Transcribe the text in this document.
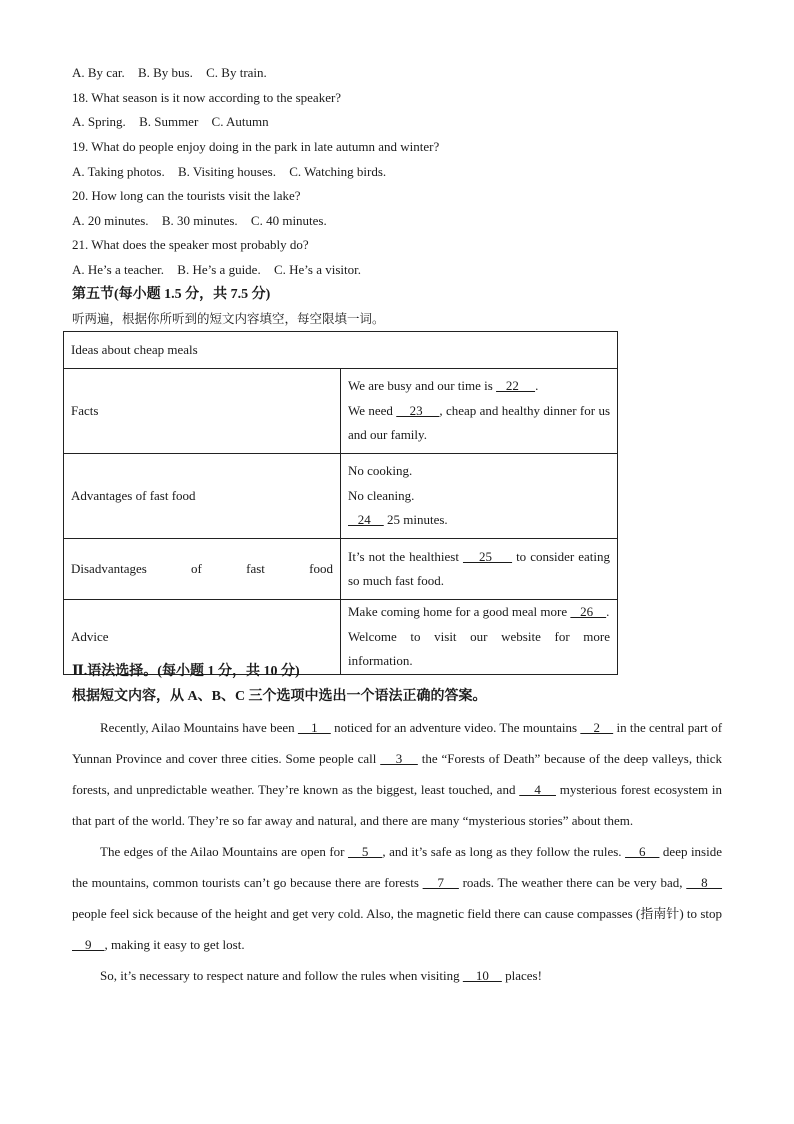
A. By car. B. By bus. C. By train.
18. What season is it now according to the speaker?
A. Spring. B. Summer C. Autumn
19. What do people enjoy doing in the park in late autumn and winter?
A. Taking photos. B. Visiting houses. C. Watching birds.
20. How long can the tourists visit the lake?
A. 20 minutes. B. 30 minutes. C. 40 minutes.
21. What does the speaker most probably do?
A. He’s a teacher. B. He’s a guide. C. He’s a visitor.
第五节(每小题 1.5 分，共 7.5 分)
听两遍，根据你所听到的短文内容填空，每空限填一词。
Ideas about cheap meals	
Facts	We are busy and our time is    22     .
We need     23     , cheap and healthy dinner for us and our family.

Advantages of fast food	No cooking.
No cleaning.
24     25 minutes.

Disadvantages of fast food	It’s not the healthiest     25      to consider eating so much fast food.
Advice	Make coming home for a good meal more    26    .
Welcome to visit our website for more information.
Ⅱ.语法选择。(每小题 1 分，共 10 分)
根据短文内容，从 A、B、C 三个选项中选出一个语法正确的答案。

Recently, Ailao Mountains have been     1     noticed for an adventure video. The mountains     2     in the central part of Yunnan Province and cover three cities. Some people call     3     the “Forests of Death” because of the deep valleys, thick forests, and unpredictable weather. They’re known as the biggest, least touched, and     4     mysterious forest ecosystem in that part of the world. They’re so far away and natural, and there are many “mysterious stories” about them.

The edges of the Ailao Mountains are open for     5    , and it’s safe as long as they follow the rules.     6     deep inside the mountains, common tourists can’t go because there are forests     7     roads. The weather there can be very bad,     8     people feel sick because of the height and get very cold. Also, the magnetic field there can cause compasses (指南针) to stop     9    , making it easy to get lost.

So, it’s necessary to respect nature and follow the rules when visiting     10     places!
